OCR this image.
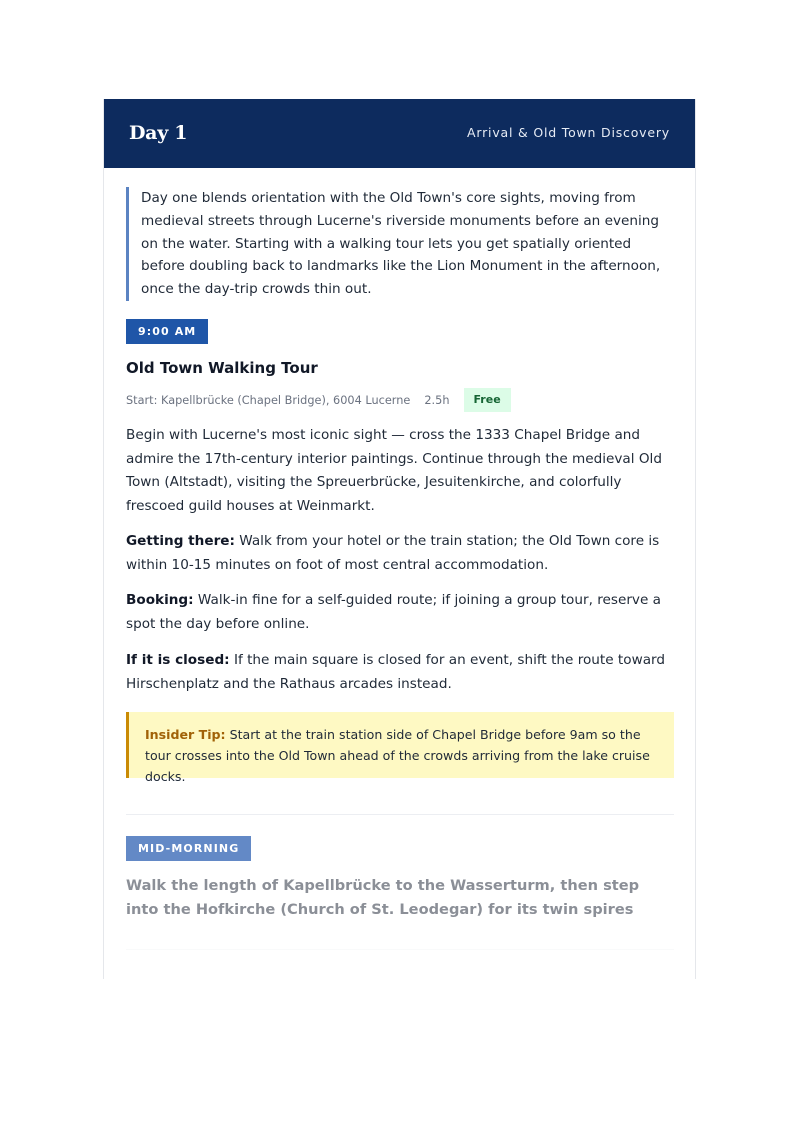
Day 1	Arrival & Old Town Discovery
Day one blends orientation with the Old Town's core sights, moving from medieval streets through Lucerne's riverside monuments before an evening on the water. Starting with a walking tour lets you get spatially oriented before doubling back to landmarks like the Lion Monument in the afternoon, once the day-trip crowds thin out.
9:00 AM
Old Town Walking Tour
Start: Kapellbrücke (Chapel Bridge), 6004 Lucerne 2.5h	Free
Begin with Lucerne's most iconic sight — cross the 1333 Chapel Bridge and admire the 17th-century interior paintings. Continue through the medieval Old Town (Altstadt), visiting the Spreuerbrücke, Jesuitenkirche, and colorfully frescoed guild houses at Weinmarkt.
Getting there: Walk from your hotel or the train station; the Old Town core is within 10-15 minutes on foot of most central accommodation.
Booking: Walk-in fine for a self-guided route; if joining a group tour, reserve a spot the day before online.
If it is closed: If the main square is closed for an event, shift the route toward Hirschenplatz and the Rathaus arcades instead.
Insider Tip: Start at the train station side of Chapel Bridge before 9am so the tour crosses into the Old Town ahead of the crowds arriving from the lake cruise docks.
MID-MORNING
Walk the length of Kapellbrücke to the Wasserturm, then step into the Hofkirche (Church of St. Leodegar) for its twin spires
